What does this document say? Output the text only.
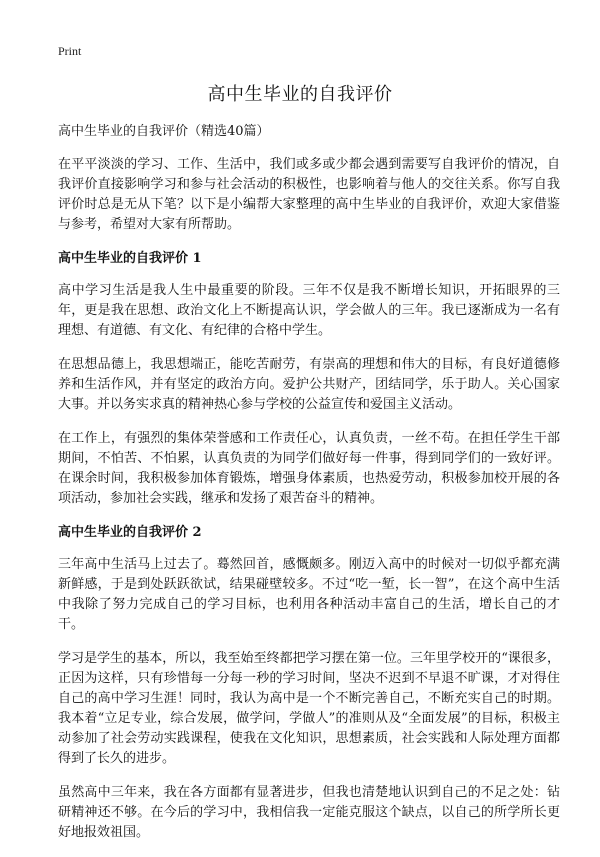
Print
高中生毕业的自我评价
高中生毕业的自我评价（精选40篇）

在平平淡淡的学习、工作、生活中，我们或多或少都会遇到需要写自我评价的情况，自我评价直接影响学习和参与社会活动的积极性，也影响着与他人的交往关系。你写自我评价时总是无从下笔？以下是小编帮大家整理的高中生毕业的自我评价，欢迎大家借鉴与参考，希望对大家有所帮助。

高中生毕业的自我评价 1

高中学习生活是我人生中最重要的阶段。三年不仅是我不断增长知识，开拓眼界的三年，更是我在思想、政治文化上不断提高认识，学会做人的三年。我已逐渐成为一名有理想、有道德、有文化、有纪律的合格中学生。

在思想品德上，我思想端正，能吃苦耐劳，有崇高的理想和伟大的目标，有良好道德修养和生活作风，并有坚定的政治方向。爱护公共财产，团结同学，乐于助人。关心国家大事。并以务实求真的精神热心参与学校的公益宣传和爱国主义活动。

在工作上，有强烈的集体荣誉感和工作责任心，认真负责，一丝不苟。在担任学生干部期间，不怕苦、不怕累，认真负责的为同学们做好每一件事，得到同学们的一致好评。在课余时间，我积极参加体育锻炼，增强身体素质，也热爱劳动，积极参加校开展的各项活动，参加社会实践，继承和发扬了艰苦奋斗的精神。

高中生毕业的自我评价 2

三年高中生活马上过去了。蓦然回首，感慨颇多。刚迈入高中的时候对一切似乎都充满新鲜感，于是到处跃跃欲试，结果碰壁较多。不过“吃一堑，长一智”，在这个高中生活中我除了努力完成自己的学习目标，也利用各种活动丰富自己的生活，增长自己的才干。

学习是学生的基本，所以，我至始至终都把学习摆在第一位。三年里学校开的“课很多，正因为这样，只有珍惜每一分每一秒的学习时间，坚决不迟到不早退不旷课，才对得住自己的高中学习生涯！同时，我认为高中是一个不断完善自己，不断充实自己的时期。我本着“立足专业，综合发展，做学问，学做人”的准则从及“全面发展”的目标，积极主动参加了社会劳动实践课程，使我在文化知识，思想素质，社会实践和人际处理方面都得到了长久的进步。

虽然高中三年来，我在各方面都有显著进步，但我也清楚地认识到自己的不足之处：钻研精神还不够。在今后的学习中，我相信我一定能克服这个缺点，以自己的所学所长更好地报效祖国。
